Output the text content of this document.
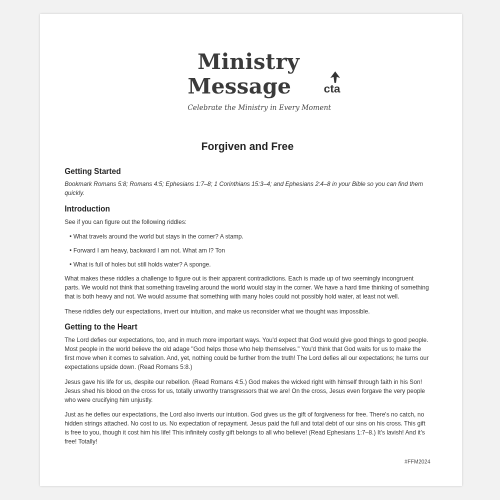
Ministry
Message cta
Celebrate the Ministry in Every Moment
Forgiven and Free
Getting Started

Bookmark Romans 5:8; Romans 4:5; Ephesians 1:7–8; 1 Corinthians 15:3–4; and Ephesians 2:4–8 in your Bible so you can find them quickly.

Introduction

See if you can figure out the following riddles:

• What travels around the world but stays in the corner? A stamp.
• Forward I am heavy, backward I am not. What am I? Ton
• What is full of holes but still holds water? A sponge.

What makes these riddles a challenge to figure out is their apparent contradictions. Each is made up of two seemingly incongruent parts. We would not think that something traveling around the world would stay in the corner. We have a hard time thinking of something that is both heavy and not. We would assume that something with many holes could not possibly hold water, at least not well.

These riddles defy our expectations, invert our intuition, and make us reconsider what we thought was impossible.

Getting to the Heart

The Lord defies our expectations, too, and in much more important ways. You'd expect that God would give good things to good people. Most people in the world believe the old adage "God helps those who help themselves." You'd think that God waits for us to make the first move when it comes to salvation. And, yet, nothing could be further from the truth! The Lord defies all our expectations; he turns our expectations upside down. (Read Romans 5:8.)

Jesus gave his life for us, despite our rebellion. (Read Romans 4:5.) God makes the wicked right with himself through faith in his Son! Jesus shed his blood on the cross for us, totally unworthy transgressors that we are! On the cross, Jesus even forgave the very people who were crucifying him unjustly.

Just as he defies our expectations, the Lord also inverts our intuition. God gives us the gift of forgiveness for free. There's no catch, no hidden strings attached. No cost to us. No expectation of repayment. Jesus paid the full and total debt of our sins on his cross. This gift is free to you, though it cost him his life! This infinitely costly gift belongs to all who believe! (Read Ephesians 1:7–8.) It's lavish! And it's free! Totally!

#FFM2024
